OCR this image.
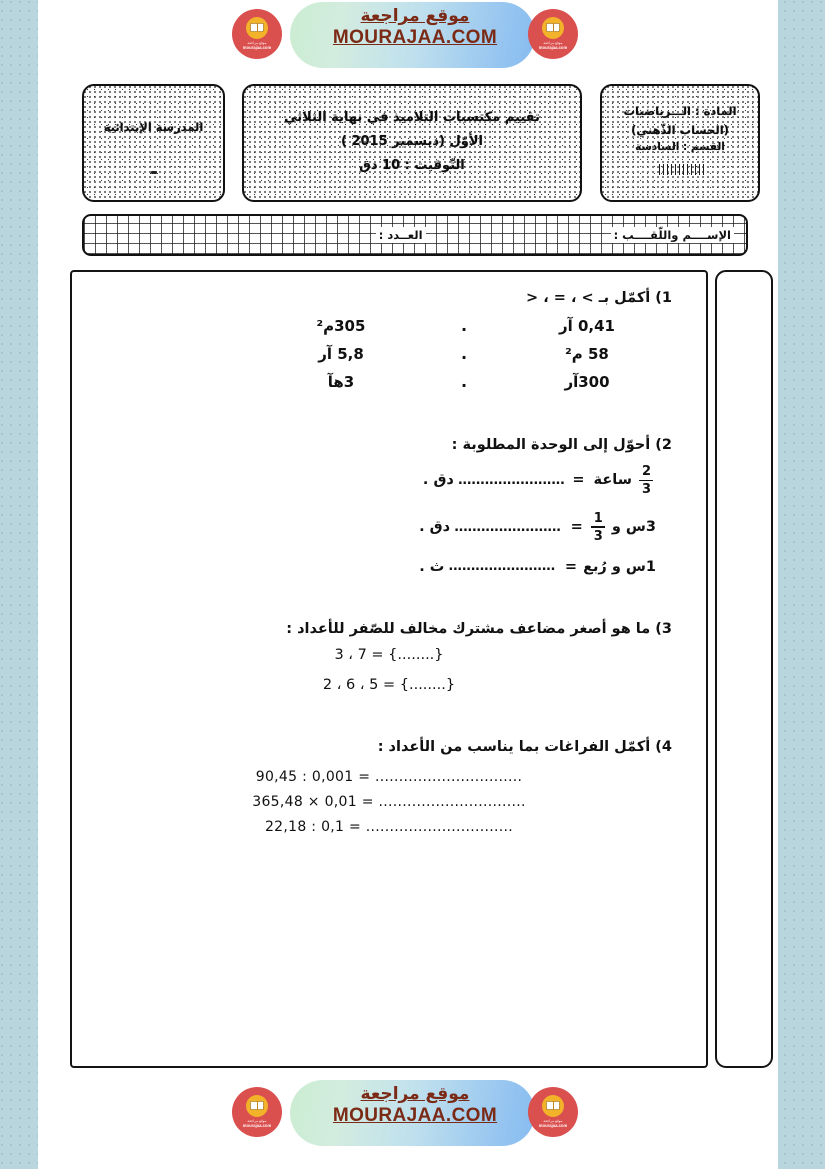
موقع مراجعة
mourajaa.com
موقع مراجعة
mourajaa.com
موقع مراجعة
MOURAJAA.COM
المادة : الـــرياضيات
(الحساب الذّهني)
القسم : السادسة
تقييم مكتسبات التلاميذ في نهاية الثلاثي
الأوّل (ديسمبر 2015 )
التّوقيت : 10 دق
المدرسة الإبتدائية
الإســــم واللّقــــب :
العــدد :

1) أكمّل بـ > ، = ، <

0,41 آر
.
305م²
58 م²
.
5,8 آر
300آر
.
3هآ

2) أحوّل إلى الوحدة المطلوبة :

$\frac{2}{3}$
ساعة
=
........................
دق .
3س و
$\frac{1}{3}$
=
........................
دق .
1س و رُبع
=
........................
ث .

3) ما هو أصغر مضاعف مشترك مخالف للصّفر للأعداد :

3 ، 7 = {........}
2 ، 6 ، 5 = {........}

4) أكمّل الفراغات بما يناسب من الأعداد :

90,45 : 0,001 = ...............................
365,48 × 0,01 = ...............................
22,18 : 0,1 = ...............................
موقع مراجعة
mourajaa.com
موقع مراجعة
mourajaa.com
موقع مراجعة
MOURAJAA.COM
